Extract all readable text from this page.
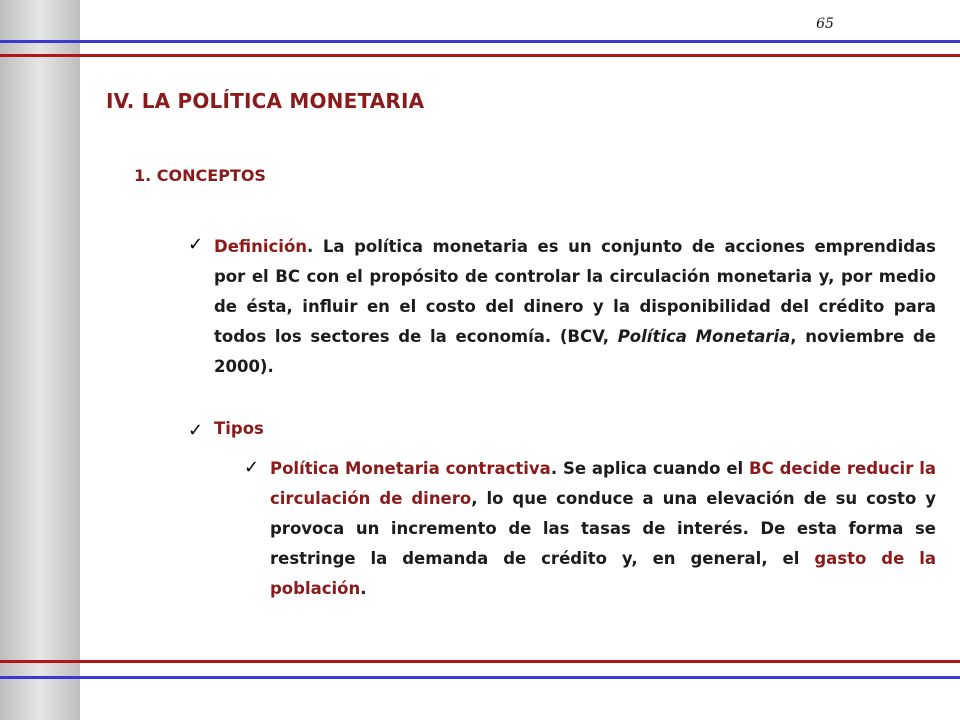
65
IV. LA POLÍTICA MONETARIA
1. CONCEPTOS
✓ Definición. La política monetaria es un conjunto de acciones emprendidas por el BC con el propósito de controlar la circulación monetaria y, por medio de ésta, influir en el costo del dinero y la disponibilidad del crédito para todos los sectores de la economía. (BCV, Política Monetaria, noviembre de 2000).

✓ Tipos

✓ Política Monetaria contractiva. Se aplica cuando el BC decide reducir la circulación de dinero, lo que conduce a una elevación de su costo y provoca un incremento de las tasas de interés. De esta forma se restringe la demanda de crédito y, en general, el gasto de la población.
